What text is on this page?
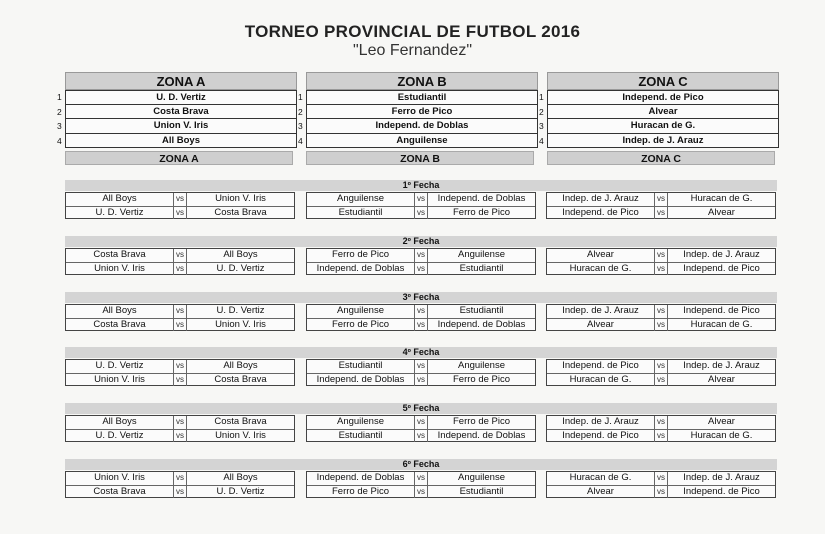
TORNEO PROVINCIAL DE FUTBOL 2016
"Leo Fernandez"
ZONA A
1	U. D. Vertiz
2	Costa Brava
3	Union V. Iris
4	All Boys
ZONA A
ZONA B
1	Estudiantil
2	Ferro de Pico
3	Independ. de Doblas
4	Anguilense
ZONA B
ZONA C
1	Independ. de Pico
2	Alvear
3	Huracan de G.
4	Indep. de J. Arauz
ZONA C
1º Fecha
All Boys	vs	Union V. Iris
U. D. Vertiz	vs	Costa Brava
Anguilense	vs	Independ. de Doblas
Estudiantil	vs	Ferro de Pico
Indep. de J. Arauz	vs	Huracan de G.
Independ. de Pico	vs	Alvear
2º Fecha
Costa Brava	vs	All Boys
Union V. Iris	vs	U. D. Vertiz
Ferro de Pico	vs	Anguilense
Independ. de Doblas	vs	Estudiantil
Alvear	vs	Indep. de J. Arauz
Huracan de G.	vs	Independ. de Pico
3º Fecha
All Boys	vs	U. D. Vertiz
Costa Brava	vs	Union V. Iris
Anguilense	vs	Estudiantil
Ferro de Pico	vs	Independ. de Doblas
Indep. de J. Arauz	vs	Independ. de Pico
Alvear	vs	Huracan de G.
4º Fecha
U. D. Vertiz	vs	All Boys
Union V. Iris	vs	Costa Brava
Estudiantil	vs	Anguilense
Independ. de Doblas	vs	Ferro de Pico
Independ. de Pico	vs	Indep. de J. Arauz
Huracan de G.	vs	Alvear
5º Fecha
All Boys	vs	Costa Brava
U. D. Vertiz	vs	Union V. Iris
Anguilense	vs	Ferro de Pico
Estudiantil	vs	Independ. de Doblas
Indep. de J. Arauz	vs	Alvear
Independ. de Pico	vs	Huracan de G.
6º Fecha
Union V. Iris	vs	All Boys
Costa Brava	vs	U. D. Vertiz
Independ. de Doblas	vs	Anguilense
Ferro de Pico	vs	Estudiantil
Huracan de G.	vs	Indep. de J. Arauz
Alvear	vs	Independ. de Pico
